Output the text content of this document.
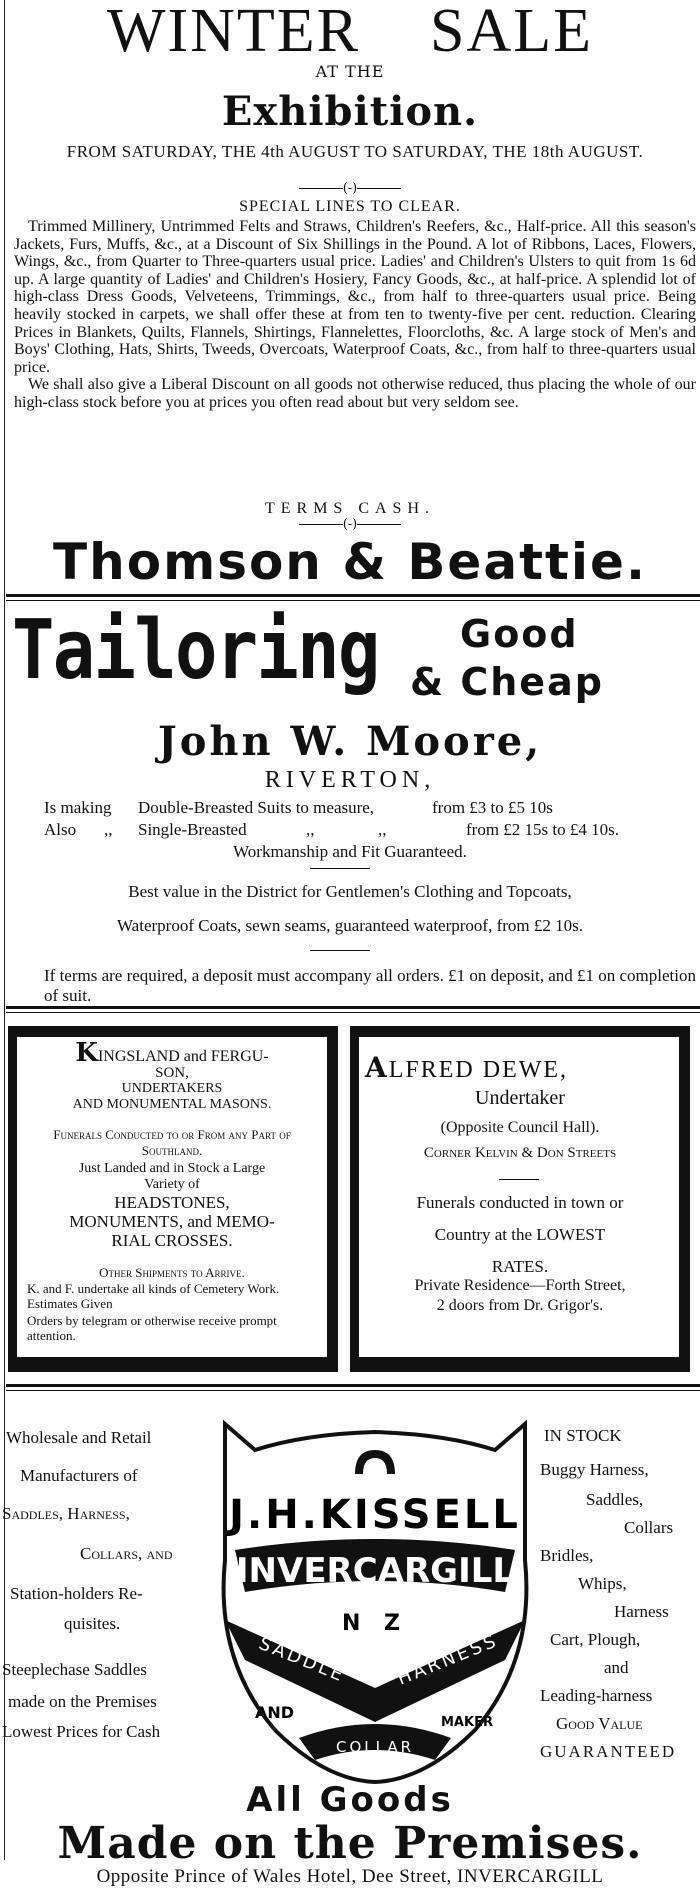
WINTER SALE
AT THE
Exhibition.
FROM SATURDAY, THE 4th AUGUST TO SATURDAY, THE 18th AUGUST.
(-)
SPECIAL LINES TO CLEAR.
Trimmed Millinery, Untrimmed Felts and Straws, Children's Reefers, &c., Half-price. All this season's Jackets, Furs, Muffs, &c., at a Discount of Six Shillings in the Pound. A lot of Ribbons, Laces, Flowers, Wings, &c., from Quarter to Three-quarters usual price. Ladies' and Children's Ulsters to quit from 1s 6d up. A large quantity of Ladies' and Children's Hosiery, Fancy Goods, &c., at half-price. A splendid lot of high-class Dress Goods, Velveteens, Trimmings, &c., from half to three-quarters usual price. Being heavily stocked in carpets, we shall offer these at from ten to twenty-five per cent. reduction. Clearing Prices in Blankets, Quilts, Flannels, Shirtings, Flannelettes, Floorcloths, &c. A large stock of Men's and Boys' Clothing, Hats, Shirts, Tweeds, Overcoats, Waterproof Coats, &c., from half to three-quarters usual price.
We shall also give a Liberal Discount on all goods not otherwise reduced, thus placing the whole of our high-class stock before you at prices you often read about but very seldom see.
TERMS CASH.
(-)
Thomson & Beattie.
Tailoring Good
& Cheap
John W. Moore,
RIVERTON,
Is making Double-Breasted Suits to measure,	from £3 to £5 10s
Also ,, Single-Breasted	,,	,,	from £2 15s to £4 10s.
Workmanship and Fit Guaranteed.
Best value in the District for Gentlemen's Clothing and Topcoats,
Waterproof Coats, sewn seams, guaranteed waterproof, from £2 10s.
If terms are required, a deposit must accompany all orders. £1 on deposit, and £1 on completion of suit.
KINGSLAND and FERGU-
SON,
UNDERTAKERS
AND MONUMENTAL MASONS.
Funerals Conducted to or From any Part of Southland.
Just Landed and in Stock a Large
Variety of
HEADSTONES,
MONUMENTS, and MEMO-
RIAL CROSSES.
Other Shipments to Arrive.
K. and F. undertake all kinds of Cemetery Work. Estimates Given
Orders by telegram or otherwise receive prompt attention.
ALFRED DEWE,
Undertaker
(Opposite Council Hall).
Corner Kelvin & Don Streets
Funerals conducted in town or
Country at the LOWEST
RATES.
Private Residence—Forth Street,
2 doors from Dr. Grigor's.
Wholesale and Retail
Manufacturers of
Saddles, Harness,
Collars, and
Station-holders Re-
quisites.
Steeplechase Saddles
made on the Premises
Lowest Prices for Cash
IN STOCK
Buggy Harness,
Saddles,
Collars
Bridles,
Whips,
Harness
Cart, Plough,
and
Leading-harness
Good Value
GUARANTEED
J.H.KISSELL
INVERCARGILL
N Z
SADDLE	HARNESS
AND
MAKER
COLLAR
All Goods
Made on the Premises.
Opposite Prince of Wales Hotel, Dee Street, INVERCARGILL
